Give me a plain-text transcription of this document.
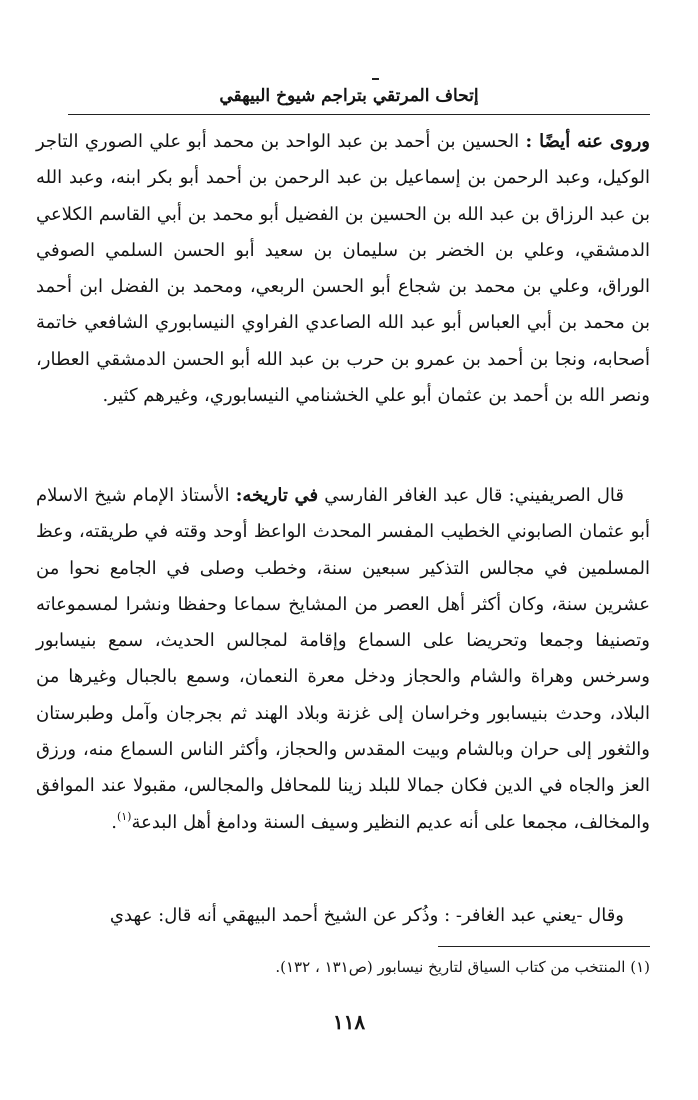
إتحاف المرتقي بتراجم شيوخ البيهقي

وروى عنه أيضًا : الحسين بن أحمد بن عبد الواحد بن محمد أبو علي الصوري التاجر الوكيل، وعبد الرحمن بن إسماعيل بن عبد الرحمن بن أحمد أبو بكر ابنه، وعبد الله بن عبد الرزاق بن عبد الله بن الحسين بن الفضيل أبو محمد بن أبي القاسم الكلاعي الدمشقي، وعلي بن الخضر بن سليمان بن سعيد أبو الحسن السلمي الصوفي الوراق، وعلي بن محمد بن شجاع أبو الحسن الربعي، ومحمد بن الفضل ابن أحمد بن محمد بن أبي العباس أبو عبد الله الصاعدي الفراوي النيسابوري الشافعي خاتمة أصحابه، ونجا بن أحمد بن عمرو بن حرب بن عبد الله أبو الحسن الدمشقي العطار، ونصر الله بن أحمد بن عثمان أبو علي الخشنامي النيسابوري، وغيرهم كثير.

قال الصريفيني: قال عبد الغافر الفارسي في تاريخه: الأستاذ الإمام شيخ الاسلام أبو عثمان الصابوني الخطيب المفسر المحدث الواعظ أوحد وقته في طريقته، وعظ المسلمين في مجالس التذكير سبعين سنة، وخطب وصلى في الجامع نحوا من عشرين سنة، وكان أكثر أهل العصر من المشايخ سماعا وحفظا ونشرا لمسموعاته وتصنيفا وجمعا وتحريضا على السماع وإقامة لمجالس الحديث، سمع بنيسابور وسرخس وهراة والشام والحجاز ودخل معرة النعمان، وسمع بالجبال وغيرها من البلاد، وحدث بنيسابور وخراسان إلى غزنة وبلاد الهند ثم بجرجان وآمل وطبرستان والثغور إلى حران وبالشام وبيت المقدس والحجاز، وأكثر الناس السماع منه، ورزق العز والجاه في الدين فكان جمالا للبلد زينا للمحافل والمجالس، مقبولا عند الموافق والمخالف، مجمعا على أنه عديم النظير وسيف السنة ودامغ أهل البدعة$^{(١)}$.

وقال -يعني عبد الغافر- : وذُكر عن الشيخ أحمد البيهقي أنه قال: عهدي

(١) المنتخب من كتاب السياق لتاريخ نيسابور (ص١٣١ ، ١٣٢).

١١٨
